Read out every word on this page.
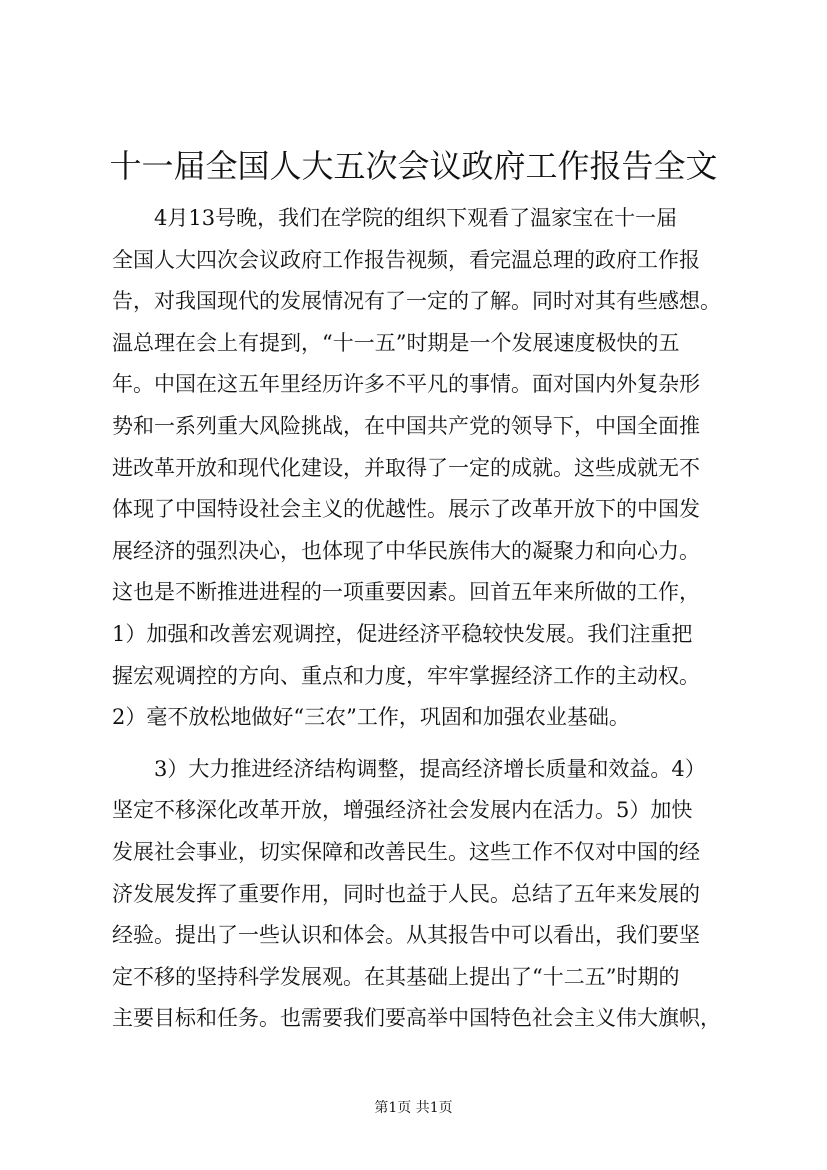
十一届全国人大五次会议政府工作报告全文
4月13号晚，我们在学院的组织下观看了温家宝在十一届
全国人大四次会议政府工作报告视频，看完温总理的政府工作报
告，对我国现代的发展情况有了一定的了解。同时对其有些感想。
温总理在会上有提到，“十一五”时期是一个发展速度极快的五
年。中国在这五年里经历许多不平凡的事情。面对国内外复杂形
势和一系列重大风险挑战，在中国共产党的领导下，中国全面推
进改革开放和现代化建设，并取得了一定的成就。这些成就无不
体现了中国特设社会主义的优越性。展示了改革开放下的中国发
展经济的强烈决心，也体现了中华民族伟大的凝聚力和向心力。
这也是不断推进进程的一项重要因素。回首五年来所做的工作，
1）加强和改善宏观调控，促进经济平稳较快发展。我们注重把
握宏观调控的方向、重点和力度，牢牢掌握经济工作的主动权。
2）毫不放松地做好“三农”工作，巩固和加强农业基础。
3）大力推进经济结构调整，提高经济增长质量和效益。4）
坚定不移深化改革开放，增强经济社会发展内在活力。5）加快
发展社会事业，切实保障和改善民生。这些工作不仅对中国的经
济发展发挥了重要作用，同时也益于人民。总结了五年来发展的
经验。提出了一些认识和体会。从其报告中可以看出，我们要坚
定不移的坚持科学发展观。在其基础上提出了“十二五”时期的
主要目标和任务。也需要我们要高举中国特色社会主义伟大旗帜，
第1页 共1页
